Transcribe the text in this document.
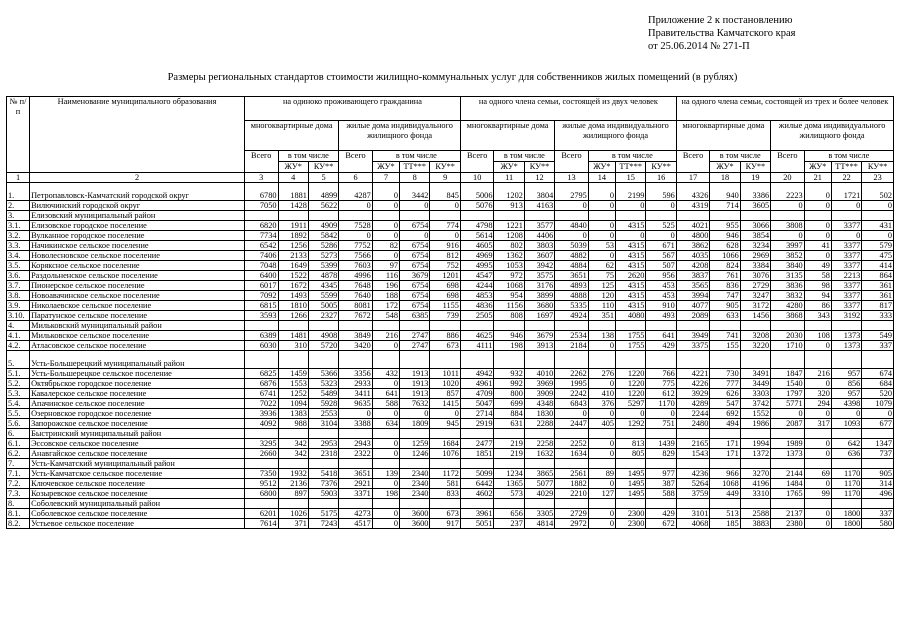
Приложение 2 к постановлению
Правительства Камчатского края
от 25.06.2014 № 271-П
Размеры региональных стандартов стоимости жилищно-коммунальных услуг для собственников жилых помещений (в рублях)
№ п/п	Наименование муниципального образования	на одиноко проживающего гражданина							на одного члена семьи, состоящей из двух человек							на одного члена семьи, состоящей из трех и более человек						
		многоквартирные дома			жилые дома индивидуального жилищного фонда				многоквартирные дома			жилые дома индивидуального жилищного фонда				многоквартирные дома			жилые дома индивидуального жилищного фонда			
		Всего	в том числе		Всего	в том числе			Всего	в том числе		Всего	в том числе			Всего	в том числе		Всего	в том числе		
			ЖУ*	КУ**		ЖУ*	ТТ***	КУ**		ЖУ*	КУ**		ЖУ*	ТТ***	КУ**		ЖУ*	КУ**		ЖУ*	ТТ***	КУ**

1	2	3	4	5	6	7	8	9	10	11	12	13	14	15	16	17	18	19	20	21	22	23
1.	Петропавловск-Камчатский городской округ	6780	1881	4899	4287	0	3442	845	5006	1202	3804	2795	0	2199	596	4326	940	3386	2223	0	1721	502
2.	Вилючинский городской округ	7050	1428	5622	0	0	0	0	5076	913	4163	0	0	0	0	4319	714	3605	0	0	0	0
3.	Елизовский муниципальный район																					
3.1.	Елизовское городское поселение	6820	1911	4909	7528	0	6754	774	4798	1221	3577	4840	0	4315	525	4021	955	3066	3808	0	3377	431
3.2.	Вулканное городское поселение	7734	1892	5842	0	0	0	0	5614	1208	4406	0	0	0	0	4800	946	3854	0	0	0	0
3.3.	Начикинское сельское поселение	6542	1256	5286	7752	82	6754	916	4605	802	3803	5039	53	4315	671	3862	628	3234	3997	41	3377	579
3.4.	Новолесновское сельское поселение	7406	2133	5273	7566	0	6754	812	4969	1362	3607	4882	0	4315	567	4035	1066	2969	3852	0	3377	475
3.5.	Коряксное сельское поселение	7048	1649	5399	7603	97	6754	752	4995	1053	3942	4884	62	4315	507	4208	824	3384	3840	49	3377	414
3.6.	Раздольненское сельское поселение	6400	1522	4878	4996	116	3679	1201	4547	972	3575	3651	75	2620	956	3837	761	3076	3135	58	2213	864
3.7.	Пионерское сельское поселение	6017	1672	4345	7648	196	6754	698	4244	1068	3176	4893	125	4315	453	3565	836	2729	3836	98	3377	361
3.8.	Новоавачинское сельское поселение	7092	1493	5599	7640	188	6754	698	4853	954	3899	4888	120	4315	453	3994	747	3247	3832	94	3377	361
3.9.	Николаевское сельское поселение	6815	1810	5005	8081	172	6754	1155	4836	1156	3680	5335	110	4315	910	4077	905	3172	4280	86	3377	817
3.10.	Паратунское сельское поселение	3593	1266	2327	7672	548	6385	739	2505	808	1697	4924	351	4080	493	2089	633	1456	3868	343	3192	333
4.	Мильковский муниципальный район																					
4.1.	Мильковское сельское поселение	6389	1481	4908	3849	216	2747	886	4625	946	3679	2534	138	1755	641	3949	741	3208	2030	108	1373	549
4.2.	Атласовское сельское поселение	6030	310	5720	3420	0	2747	673	4111	198	3913	2184	0	1755	429	3375	155	3220	1710	0	1373	337
5.	Усть-Большерецкий муниципальный район																					
5.1.	Усть-Большерецкое сельское поселение	6825	1459	5366	3356	432	1913	1011	4942	932	4010	2262	276	1220	766	4221	730	3491	1847	216	957	674
5.2.	Октябрьское городское поселение	6876	1553	5323	2933	0	1913	1020	4961	992	3969	1995	0	1220	775	4226	777	3449	1540	0	856	684
5.3.	Кавалерское сельское поселение	6741	1252	5489	3411	641	1913	857	4709	800	3909	2242	410	1220	612	3929	626	3303	1797	320	957	520
5.4.	Апачинское сельское поселение	7022	1094	5928	9635	588	7632	1415	5047	699	4348	6843	376	5297	1170	4289	547	3742	5771	294	4398	1079
5.5.	Озерновское городское поселение	3936	1383	2553	0	0	0	0	2714	884	1830	0	0	0	0	2244	692	1552	0	0	0	0
5.6.	Запорожское сельское поселение	4092	988	3104	3388	634	1809	945	2919	631	2288	2447	405	1292	751	2480	494	1986	2087	317	1093	677
6.	Быстринский муниципальный район																					
6.1.	Эссовское сельское поселение	3295	342	2953	2943	0	1259	1684	2477	219	2258	2252	0	813	1439	2165	171	1994	1989	0	642	1347
6.2.	Анавгайское сельское поселение	2660	342	2318	2322	0	1246	1076	1851	219	1632	1634	0	805	829	1543	171	1372	1373	0	636	737
7.	Усть-Камчатский муниципальный район																					
7.1.	Усть-Камчатское сельское поселение	7350	1932	5418	3651	139	2340	1172	5099	1234	3865	2561	89	1495	977	4236	966	3270	2144	69	1170	905
7.2.	Ключевское сельское поселение	9512	2136	7376	2921	0	2340	581	6442	1365	5077	1882	0	1495	387	5264	1068	4196	1484	0	1170	314
7.3.	Козыревское сельское поселение	6800	897	5903	3371	198	2340	833	4602	573	4029	2210	127	1495	588	3759	449	3310	1765	99	1170	496
8.	Соболевский муниципальный район																					
8.1.	Соболевское сельское поселение	6201	1026	5175	4273	0	3600	673	3961	656	3305	2729	0	2300	429	3101	513	2588	2137	0	1800	337
8.2.	Устьевое сельское поселение	7614	371	7243	4517	0	3600	917	5051	237	4814	2972	0	2300	672	4068	185	3883	2380	0	1800	580
